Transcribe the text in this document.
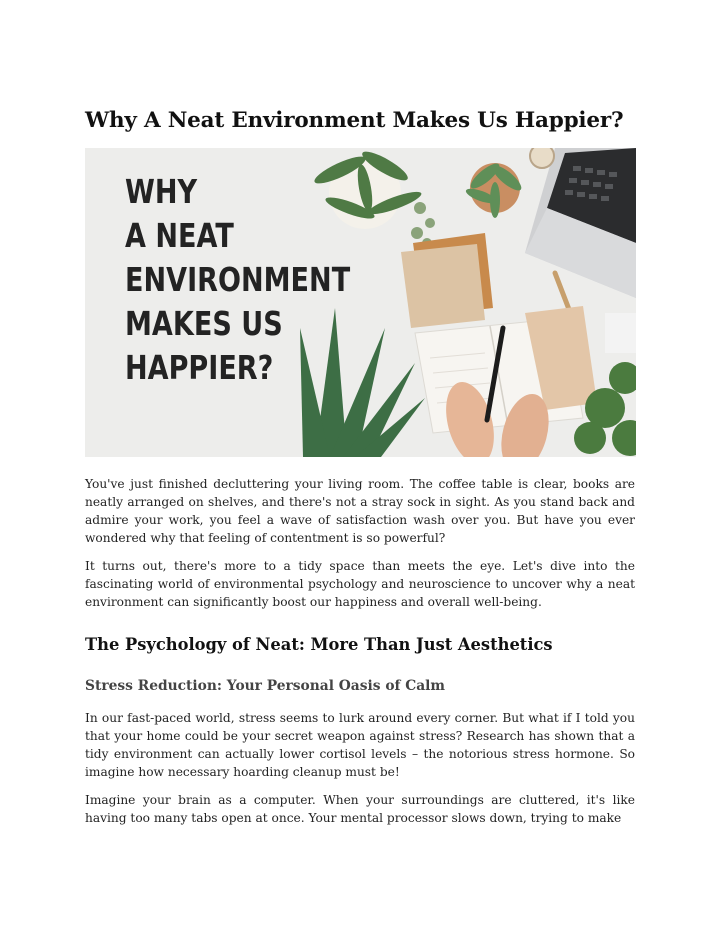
Why A Neat Environment Makes Us Happier?

WHY
A NEAT
ENVIRONMENT
MAKES US
HAPPIER?

You've just finished decluttering your living room. The coffee table is clear, books are neatly arranged on shelves, and there's not a stray sock in sight. As you stand back and admire your work, you feel a wave of satisfaction wash over you. But have you ever wondered why that feeling of contentment is so powerful?

It turns out, there's more to a tidy space than meets the eye. Let's dive into the fascinating world of environmental psychology and neuroscience to uncover why a neat environment can significantly boost our happiness and overall well-being.

The Psychology of Neat: More Than Just Aesthetics
Stress Reduction: Your Personal Oasis of Calm

In our fast-paced world, stress seems to lurk around every corner. But what if I told you that your home could be your secret weapon against stress? Research has shown that a tidy environment can actually lower cortisol levels – the notorious stress hormone. So imagine how necessary hoarding cleanup must be!

Imagine your brain as a computer. When your surroundings are cluttered, it's like having too many tabs open at once. Your mental processor slows down, trying to make
